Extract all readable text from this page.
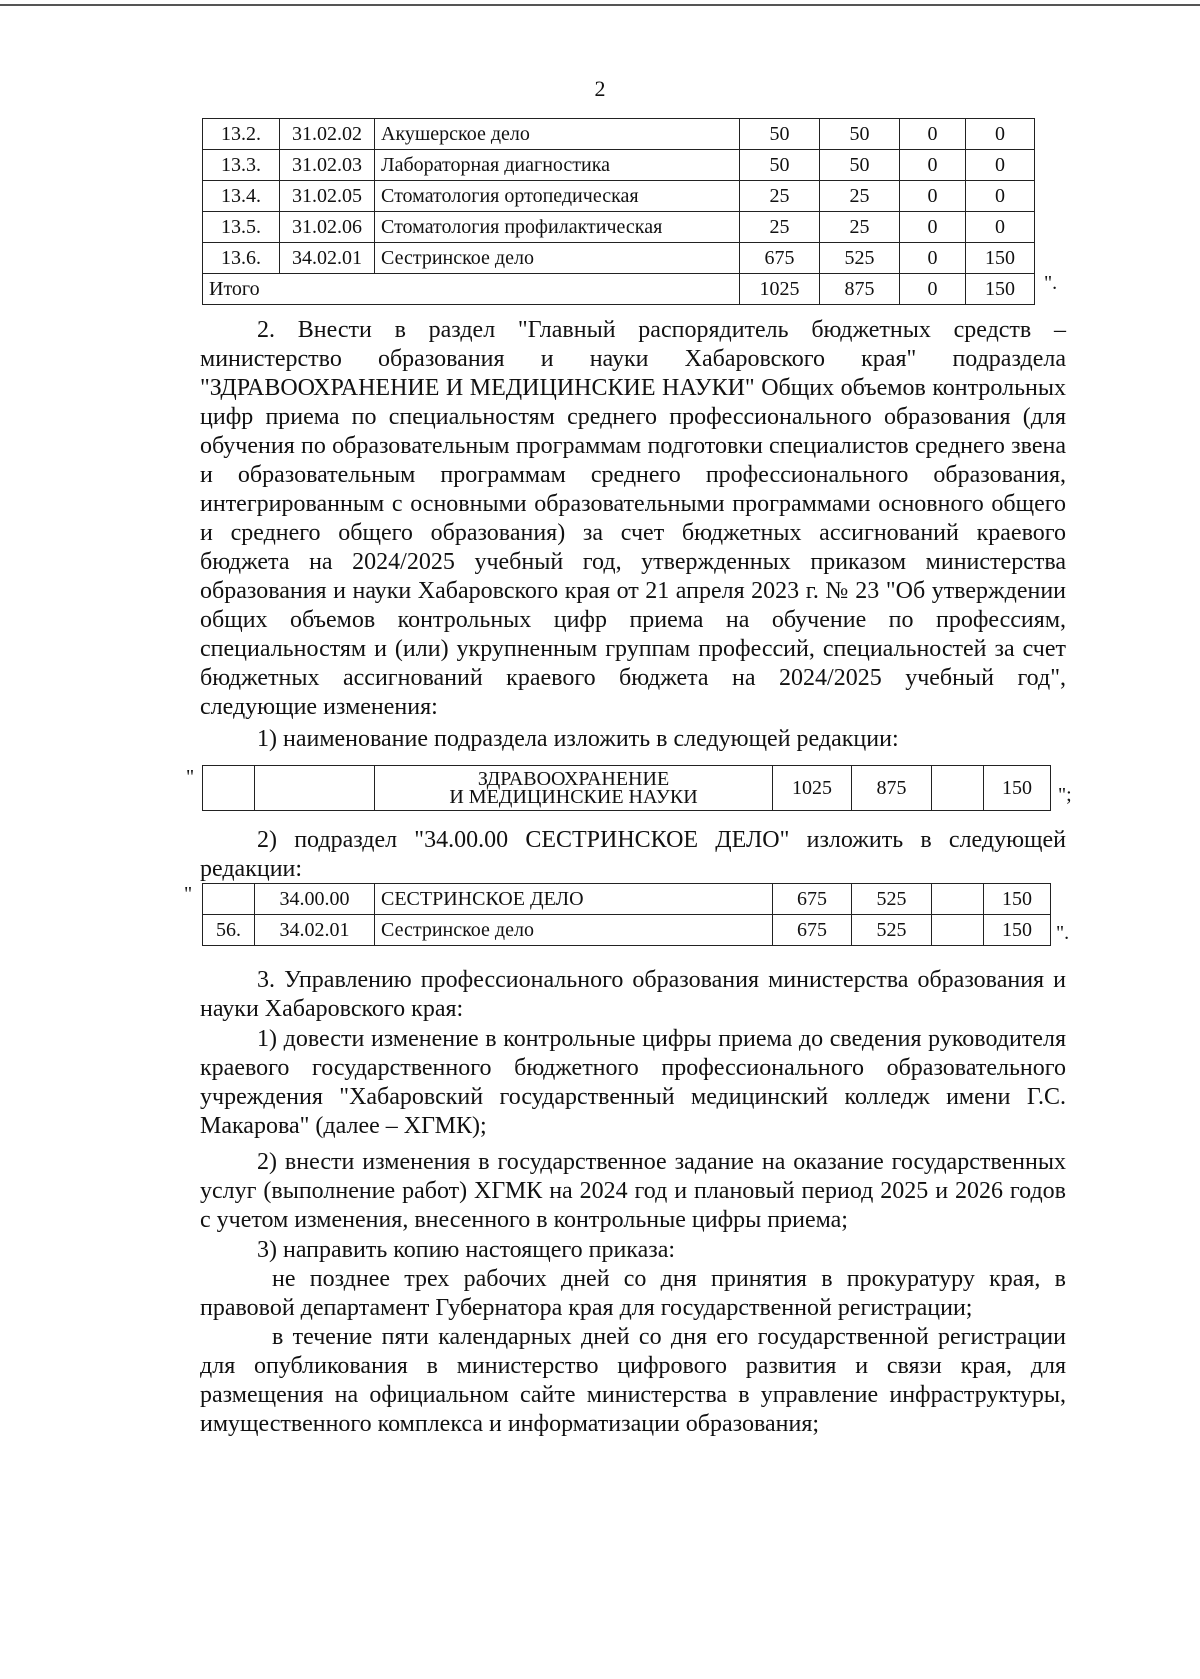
2
13.2.	31.02.02	Акушерское дело	50	50	0	0
13.3.	31.02.03	Лабораторная диагностика	50	50	0	0
13.4.	31.02.05	Стоматология ортопедическая	25	25	0	0
13.5.	31.02.06	Стоматология профилактическая	25	25	0	0
13.6.	34.02.01	Сестринское дело	675	525	0	150
Итого			1025	875	0	150 ".
2. Внести в раздел "Главный распорядитель бюджетных средств – министерство образования и науки Хабаровского края" подраздела "ЗДРАВООХРАНЕНИЕ И МЕДИЦИНСКИЕ НАУКИ" Общих объемов контрольных цифр приема по специальностям среднего профессионального образования (для обучения по образовательным программам подготовки специалистов среднего звена и образовательным программам среднего профессионального образования, интегрированным с основными образовательными программами основного общего и среднего общего образования) за счет бюджетных ассигнований краевого бюджета на 2024/2025 учебный год, утвержденных приказом министерства образования и науки Хабаровского края от 21 апреля 2023 г. № 23 "Об утверждении общих объемов контрольных цифр приема на обучение по профессиям, специальностям и (или) укрупненным группам профессий, специальностей за счет бюджетных ассигнований краевого бюджета на 2024/2025 учебный год", следующие изменения:
1) наименование подраздела изложить в следующей редакции:
"
			ЗДРАВООХРАНЕНИЕ
И МЕДИЦИНСКИЕ НАУКИ	1025	875		150 ";
2) подраздел "34.00.00 СЕСТРИНСКОЕ ДЕЛО" изложить в следующей редакции:
"
		34.00.00	СЕСТРИНСКОЕ ДЕЛО	675	525		150
56.	34.02.01	Сестринское дело	675	525		150 ".
3. Управлению профессионального образования министерства образования и науки Хабаровского края:
1) довести изменение в контрольные цифры приема до сведения руководителя краевого государственного бюджетного профессионального образовательного учреждения "Хабаровский государственный медицинский колледж имени Г.С. Макарова" (далее – ХГМК);
2) внести изменения в государственное задание на оказание государственных услуг (выполнение работ) ХГМК на 2024 год и плановый период 2025 и 2026 годов с учетом изменения, внесенного в контрольные цифры приема;
3) направить копию настоящего приказа:
не позднее трех рабочих дней со дня принятия в прокуратуру края, в правовой департамент Губернатора края для государственной регистрации;
в течение пяти календарных дней со дня его государственной регистрации для опубликования в министерство цифрового развития и связи края, для размещения на официальном сайте министерства в управление инфраструктуры, имущественного комплекса и информатизации образования;
